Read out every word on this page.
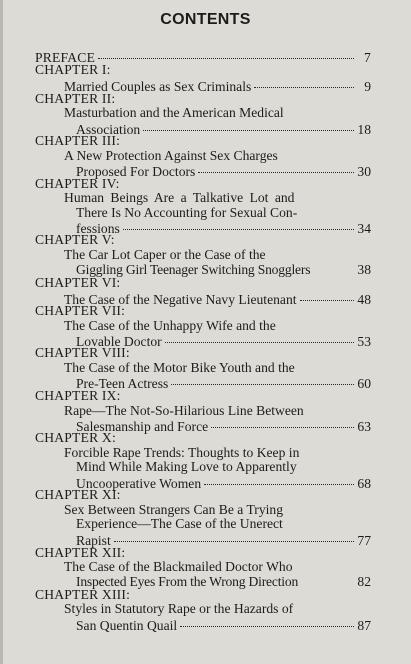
CONTENTS
PREFACE	7
CHAPTER I:
Married Couples as Sex Criminals	9
CHAPTER II:
Masturbation and the American Medical
Association	18
CHAPTER III:
A New Protection Against Sex Charges
Proposed For Doctors	30
CHAPTER IV:
Human Beings Are a Talkative Lot and
There Is No Accounting for Sexual Con-
fessions	34
CHAPTER V:
The Car Lot Caper or the Case of the
Giggling Girl Teenager Switching Snogglers	38
CHAPTER VI:
The Case of the Negative Navy Lieutenant	48
CHAPTER VII:
The Case of the Unhappy Wife and the
Lovable Doctor	53
CHAPTER VIII:
The Case of the Motor Bike Youth and the
Pre-Teen Actress	60
CHAPTER IX:
Rape—The Not-So-Hilarious Line Between
Salesmanship and Force	63
CHAPTER X:
Forcible Rape Trends: Thoughts to Keep in
Mind While Making Love to Apparently
Uncooperative Women	68
CHAPTER XI:
Sex Between Strangers Can Be a Trying
Experience—The Case of the Unerect
Rapist	77
CHAPTER XII:
The Case of the Blackmailed Doctor Who
Inspected Eyes From the Wrong Direction	82
CHAPTER XIII:
Styles in Statutory Rape or the Hazards of
San Quentin Quail	87
